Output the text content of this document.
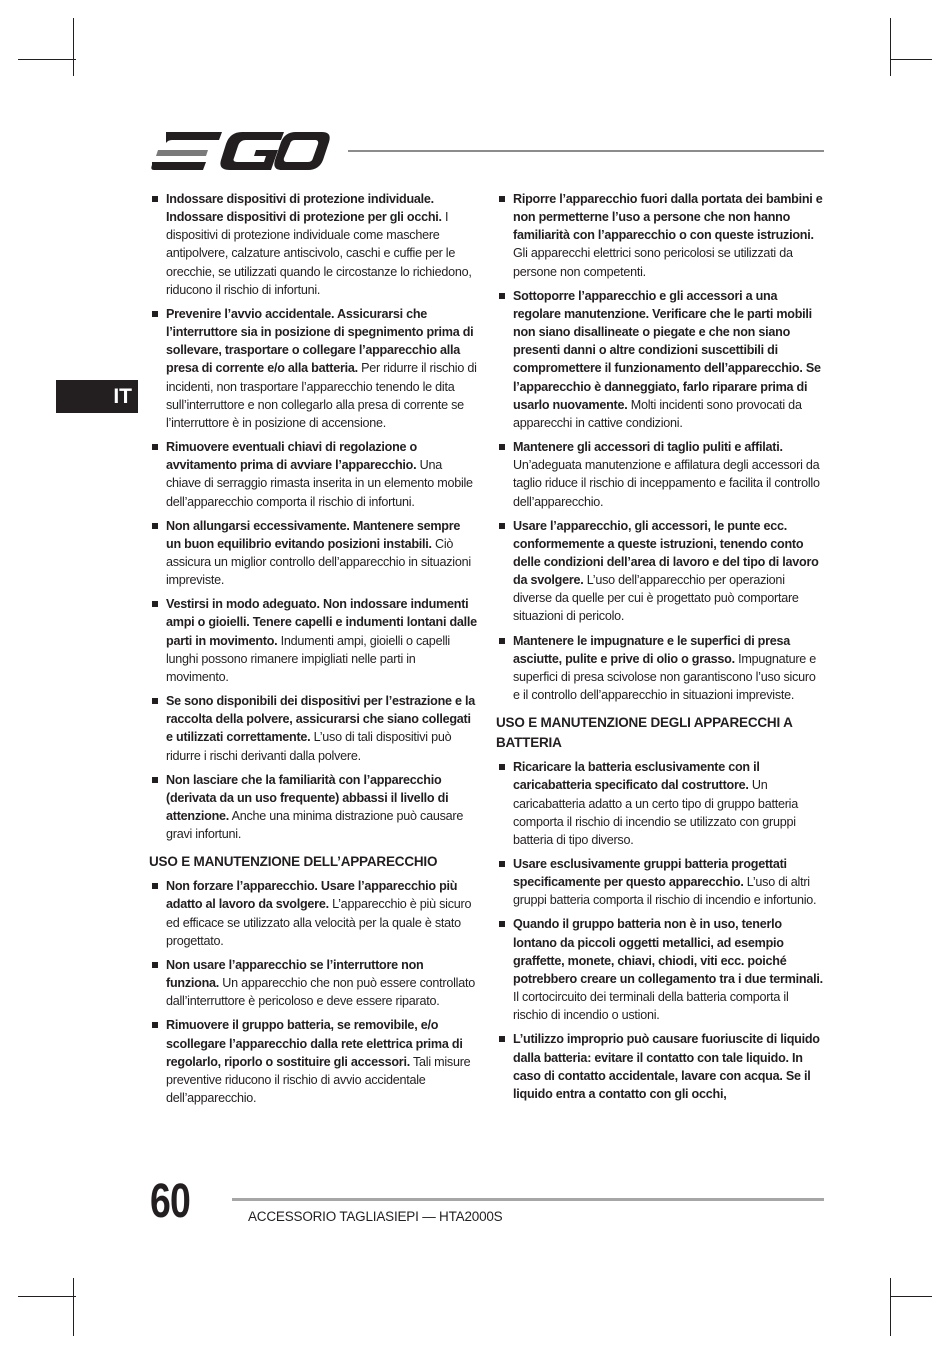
IT
Indossare dispositivi di protezione individuale. Indossare dispositivi di protezione per gli occhi. I dispositivi di protezione individuale come maschere antipolvere, calzature antiscivolo, caschi e cuffie per le orecchie, se utilizzati quando le circostanze lo richiedono, riducono il rischio di infortuni.
Prevenire l’avvio accidentale. Assicurarsi che l’interruttore sia in posizione di spegnimento prima di sollevare, trasportare o collegare l’apparecchio alla presa di corrente e/o alla batteria. Per ridurre il rischio di incidenti, non trasportare l’apparecchio tenendo le dita sull’interruttore e non collegarlo alla presa di corrente se l’interruttore è in posizione di accensione.
Rimuovere eventuali chiavi di regolazione o avvitamento prima di avviare l’apparecchio. Una chiave di serraggio rimasta inserita in un elemento mobile dell’apparecchio comporta il rischio di infortuni.
Non allungarsi eccessivamente. Mantenere sempre un buon equilibrio evitando posizioni instabili. Ciò assicura un miglior controllo dell’apparecchio in situazioni impreviste.
Vestirsi in modo adeguato. Non indossare indumenti ampi o gioielli. Tenere capelli e indumenti lontani dalle parti in movimento. Indumenti ampi, gioielli o capelli lunghi possono rimanere impigliati nelle parti in movimento.
Se sono disponibili dei dispositivi per l’estrazione e la raccolta della polvere, assicurarsi che siano collegati e utilizzati correttamente. L’uso di tali dispositivi può ridurre i rischi derivanti dalla polvere.
Non lasciare che la familiarità con l’apparecchio (derivata da un uso frequente) abbassi il livello di attenzione. Anche una minima distrazione può causare gravi infortuni.
USO E MANUTENZIONE DELL’APPARECCHIO
Non forzare l’apparecchio. Usare l’apparecchio più adatto al lavoro da svolgere. L’apparecchio è più sicuro ed efficace se utilizzato alla velocità per la quale è stato progettato.
Non usare l’apparecchio se l’interruttore non funziona. Un apparecchio che non può essere controllato dall’interruttore è pericoloso e deve essere riparato.
Rimuovere il gruppo batteria, se removibile, e/o scollegare l’apparecchio dalla rete elettrica prima di regolarlo, riporlo o sostituire gli accessori. Tali misure preventive riducono il rischio di avvio accidentale dell’apparecchio.
Riporre l’apparecchio fuori dalla portata dei bambini e non permetterne l’uso a persone che non hanno familiarità con l’apparecchio o con queste istruzioni. Gli apparecchi elettrici sono pericolosi se utilizzati da persone non competenti.
Sottoporre l’apparecchio e gli accessori a una regolare manutenzione. Verificare che le parti mobili non siano disallineate o piegate e che non siano presenti danni o altre condizioni suscettibili di compromettere il funzionamento dell’apparecchio. Se l’apparecchio è danneggiato, farlo riparare prima di usarlo nuovamente. Molti incidenti sono provocati da apparecchi in cattive condizioni.
Mantenere gli accessori di taglio puliti e affilati. Un’adeguata manutenzione e affilatura degli accessori da taglio riduce il rischio di inceppamento e facilita il controllo dell’apparecchio.
Usare l’apparecchio, gli accessori, le punte ecc. conformemente a queste istruzioni, tenendo conto delle condizioni dell’area di lavoro e del tipo di lavoro da svolgere. L’uso dell’apparecchio per operazioni diverse da quelle per cui è progettato può comportare situazioni di pericolo.
Mantenere le impugnature e le superfici di presa asciutte, pulite e prive di olio o grasso. Impugnature e superfici di presa scivolose non garantiscono l’uso sicuro e il controllo dell’apparecchio in situazioni impreviste.
USO E MANUTENZIONE DEGLI APPARECCHI A BATTERIA
Ricaricare la batteria esclusivamente con il caricabatteria specificato dal costruttore. Un caricabatteria adatto a un certo tipo di gruppo batteria comporta il rischio di incendio se utilizzato con gruppi batteria di tipo diverso.
Usare esclusivamente gruppi batteria progettati specificamente per questo apparecchio. L’uso di altri gruppi batteria comporta il rischio di incendio e infortunio.
Quando il gruppo batteria non è in uso, tenerlo lontano da piccoli oggetti metallici, ad esempio graffette, monete, chiavi, chiodi, viti ecc. poiché potrebbero creare un collegamento tra i due terminali. Il cortocircuito dei terminali della batteria comporta il rischio di incendio o ustioni.
L’utilizzo improprio può causare fuoriuscite di liquido dalla batteria: evitare il contatto con tale liquido. In caso di contatto accidentale, lavare con acqua. Se il liquido entra a contatto con gli occhi,
60	ACCESSORIO TAGLIASIEPI — HTA2000S
